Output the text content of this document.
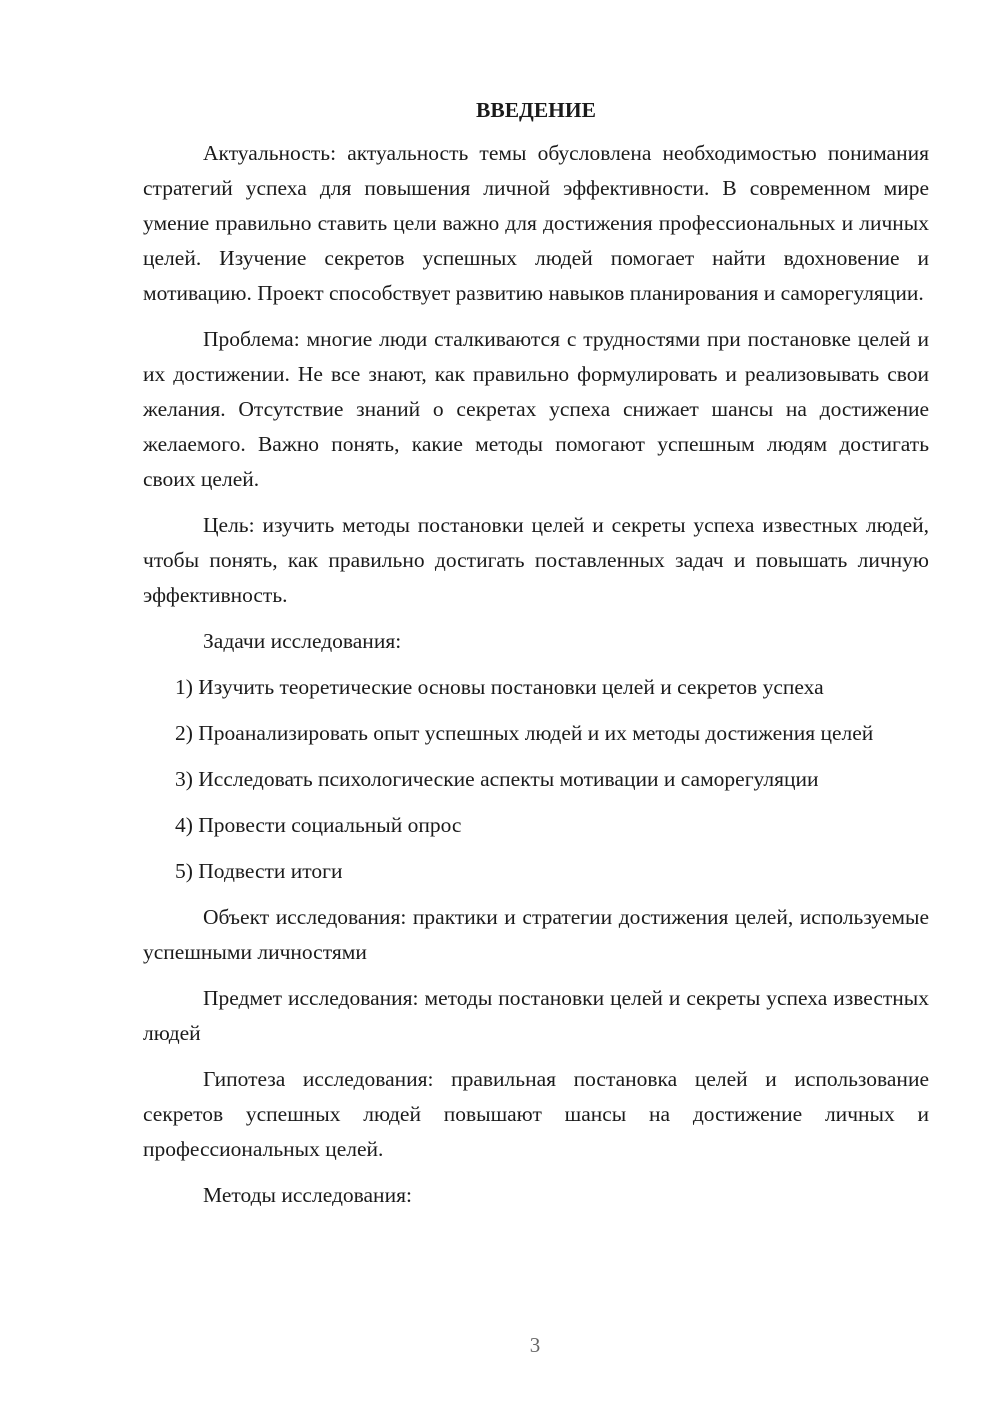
ВВЕДЕНИЕ

Актуальность: актуальность темы обусловлена необходимостью понимания стратегий успеха для повышения личной эффективности. В современном мире умение правильно ставить цели важно для достижения профессиональных и личных целей. Изучение секретов успешных людей помогает найти вдохновение и мотивацию. Проект способствует развитию навыков планирования и саморегуляции.

Проблема: многие люди сталкиваются с трудностями при постановке целей и их достижении. Не все знают, как правильно формулировать и реализовывать свои желания. Отсутствие знаний о секретах успеха снижает шансы на достижение желаемого. Важно понять, какие методы помогают успешным людям достигать своих целей.

Цель: изучить методы постановки целей и секреты успеха известных людей, чтобы понять, как правильно достигать поставленных задач и повышать личную эффективность.

Задачи исследования:

1) Изучить теоретические основы постановки целей и секретов успеха
2) Проанализировать опыт успешных людей и их методы достижения целей
3) Исследовать психологические аспекты мотивации и саморегуляции
4) Провести социальный опрос
5) Подвести итоги

Объект исследования: практики и стратегии достижения целей, используемые успешными личностями

Предмет исследования: методы постановки целей и секреты успеха известных людей

Гипотеза исследования: правильная постановка целей и использование секретов успешных людей повышают шансы на достижение личных и профессиональных целей.

Методы исследования:

3
